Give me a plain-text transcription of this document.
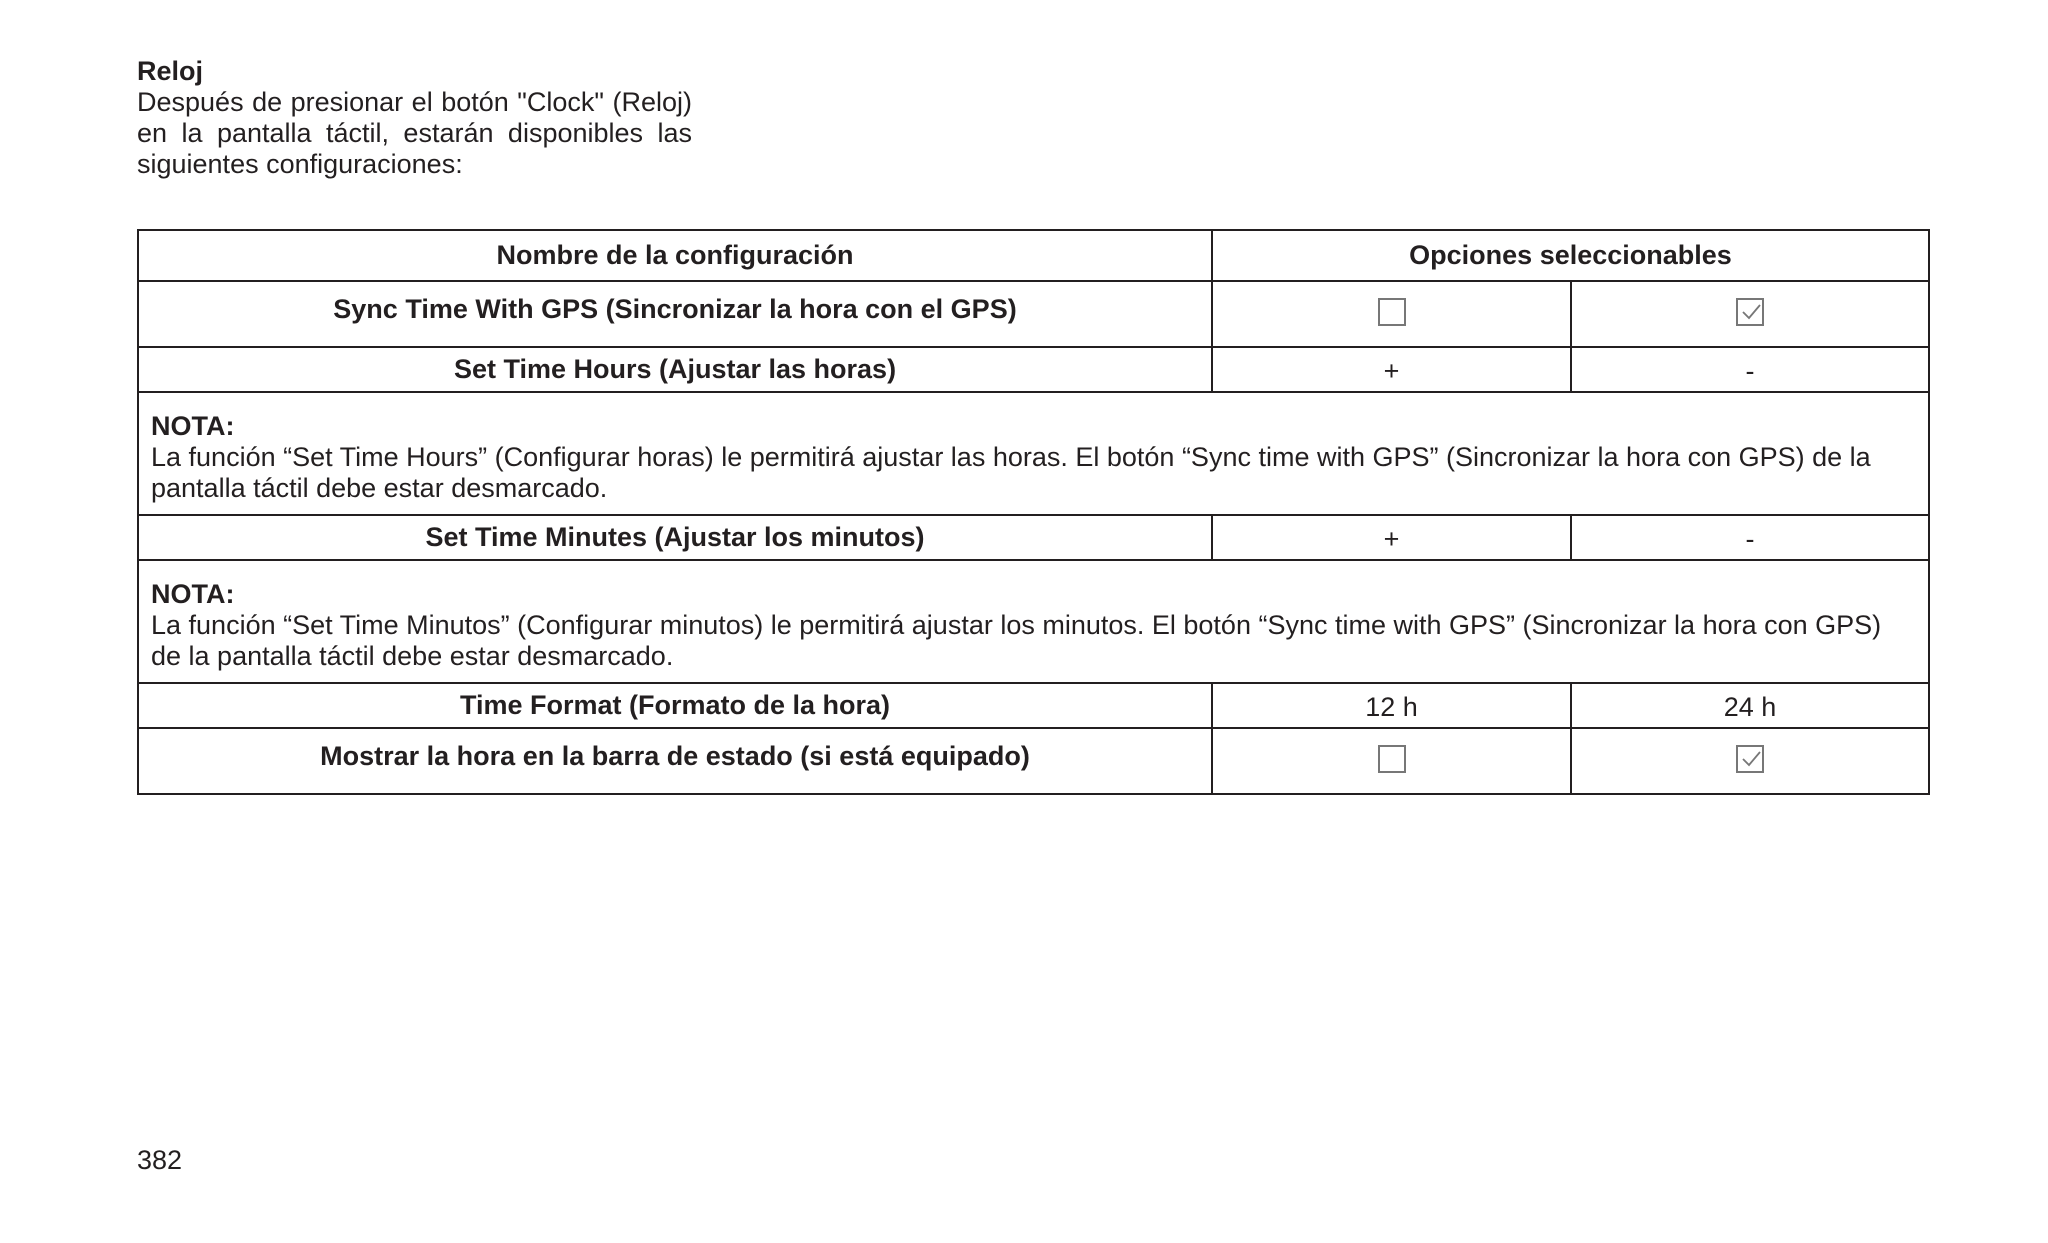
Reloj
Después de presionar el botón "Clock" (Reloj) en la pantalla táctil, estarán disponibles las siguientes configuraciones:
Nombre de la configuración	Opciones seleccionables	
Sync Time With GPS (Sincronizar la hora con el GPS)		

Set Time Hours (Ajustar las horas)	+	-

NOTA:
La función “Set Time Hours” (Configurar horas) le permitirá ajustar las horas. El botón “Sync time with GPS” (Sincronizar la hora con GPS) de la pantalla táctil debe estar desmarcado.		
Set Time Minutes (Ajustar los minutos)	+	-

NOTA:
La función “Set Time Minutos” (Configurar minutos) le permitirá ajustar los minutos. El botón “Sync time with GPS” (Sincronizar la hora con GPS) de la pantalla táctil debe estar desmarcado.		
Time Format (Formato de la hora)	12 h	24 h
Mostrar la hora en la barra de estado (si está equipado)		
382
